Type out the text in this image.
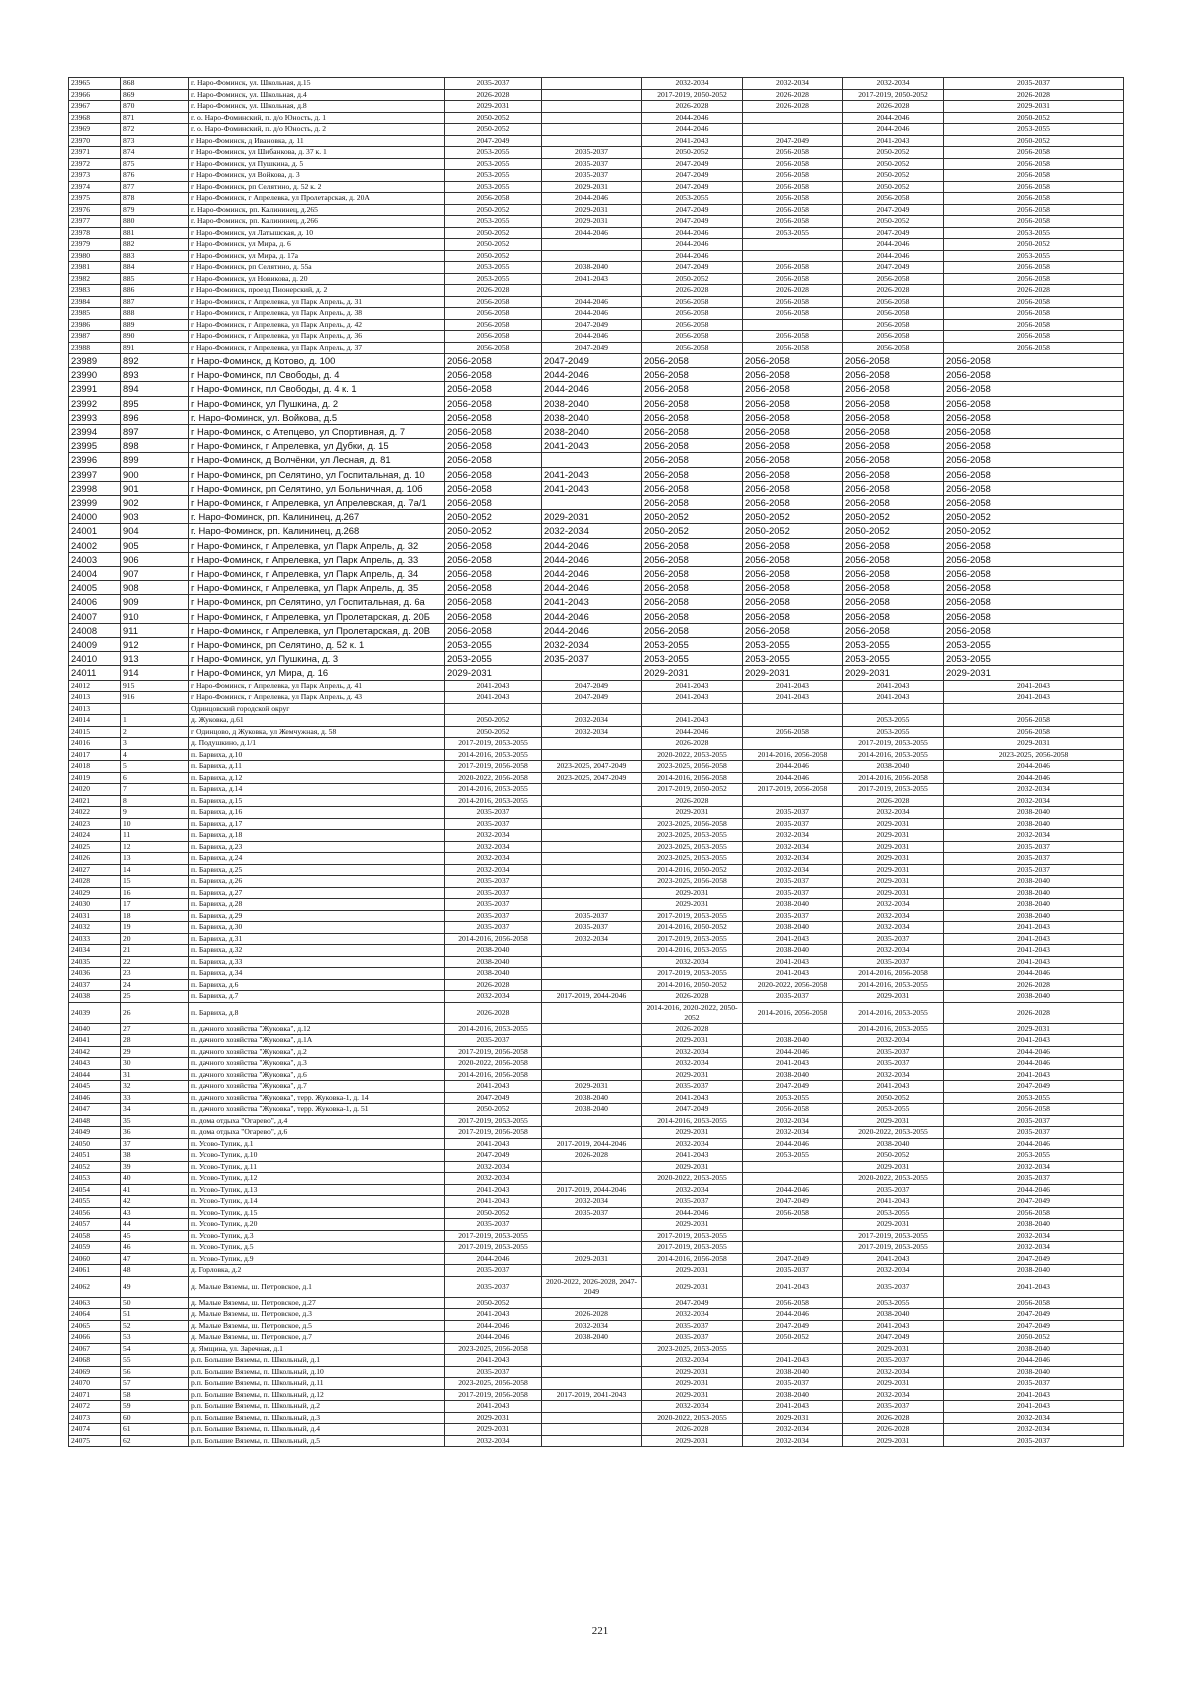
23965	868	г. Наро-Фоминск, ул. Школьная, д.15	2035-2037		2032-2034	2032-2034	2032-2034	2035-2037
23966	869	г. Наро-Фоминск, ул. Школьная, д.4	2026-2028		2017-2019, 2050-2052	2026-2028	2017-2019, 2050-2052	2026-2028
23967	870	г. Наро-Фоминск, ул. Школьная, д.8	2029-2031		2026-2028	2026-2028	2026-2028	2029-2031
23968	871	г. о. Наро-Фоминский, п. д/о Юность, д. 1	2050-2052		2044-2046		2044-2046	2050-2052
23969	872	г. о. Наро-Фоминский, п. д/о Юность, д. 2	2050-2052		2044-2046		2044-2046	2053-2055
23970	873	г Наро-Фоминск, д Ивановка, д. 11	2047-2049		2041-2043	2047-2049	2041-2043	2050-2052
23971	874	г Наро-Фоминск, ул Шибанкова, д. 37 к. 1	2053-2055	2035-2037	2050-2052	2056-2058	2050-2052	2056-2058
23972	875	г Наро-Фоминск, ул Пушкина, д. 5	2053-2055	2035-2037	2047-2049	2056-2058	2050-2052	2056-2058
23973	876	г Наро-Фоминск, ул Войкова, д. 3	2053-2055	2035-2037	2047-2049	2056-2058	2050-2052	2056-2058
23974	877	г Наро-Фоминск, рп Селятино, д. 52 к. 2	2053-2055	2029-2031	2047-2049	2056-2058	2050-2052	2056-2058
23975	878	г Наро-Фоминск, г Апрелевка, ул Пролетарская, д. 20А	2056-2058	2044-2046	2053-2055	2056-2058	2056-2058	2056-2058
23976	879	г. Наро-Фоминск, рп. Калининец, д.265	2050-2052	2029-2031	2047-2049	2056-2058	2047-2049	2056-2058
23977	880	г. Наро-Фоминск, рп. Калининец, д.266	2053-2055	2029-2031	2047-2049	2056-2058	2050-2052	2056-2058
23978	881	г Наро-Фоминск, ул Латышская, д. 10	2050-2052	2044-2046	2044-2046	2053-2055	2047-2049	2053-2055
23979	882	г Наро-Фоминск, ул Мира, д. 6	2050-2052		2044-2046		2044-2046	2050-2052
23980	883	г Наро-Фоминск, ул Мира, д. 17а	2050-2052		2044-2046		2044-2046	2053-2055
23981	884	г Наро-Фоминск, рп Селятино, д. 55а	2053-2055	2038-2040	2047-2049	2056-2058	2047-2049	2056-2058
23982	885	г Наро-Фоминск, ул Новикова, д. 20	2053-2055	2041-2043	2050-2052	2056-2058	2056-2058	2056-2058
23983	886	г Наро-Фоминск, проезд Пионерский, д. 2	2026-2028		2026-2028	2026-2028	2026-2028	2026-2028
23984	887	г Наро-Фоминск, г Апрелевка, ул Парк Апрель, д. 31	2056-2058	2044-2046	2056-2058	2056-2058	2056-2058	2056-2058
23985	888	г Наро-Фоминск, г Апрелевка, ул Парк Апрель, д. 38	2056-2058	2044-2046	2056-2058	2056-2058	2056-2058	2056-2058
23986	889	г Наро-Фоминск, г Апрелевка, ул Парк Апрель, д. 42	2056-2058	2047-2049	2056-2058		2056-2058	2056-2058
23987	890	г Наро-Фоминск, г Апрелевка, ул Парк Апрель, д. 36	2056-2058	2044-2046	2056-2058	2056-2058	2056-2058	2056-2058
23988	891	г Наро-Фоминск, г Апрелевка, ул Парк Апрель, д. 37	2056-2058	2047-2049	2056-2058	2056-2058	2056-2058	2056-2058
23989	892	г Наро-Фоминск, д Котово, д. 100	2056-2058	2047-2049	2056-2058	2056-2058	2056-2058	2056-2058
23990	893	г Наро-Фоминск, пл Свободы, д. 4	2056-2058	2044-2046	2056-2058	2056-2058	2056-2058	2056-2058
23991	894	г Наро-Фоминск, пл Свободы, д. 4 к. 1	2056-2058	2044-2046	2056-2058	2056-2058	2056-2058	2056-2058
23992	895	г Наро-Фоминск, ул Пушкина, д. 2	2056-2058	2038-2040	2056-2058	2056-2058	2056-2058	2056-2058
23993	896	г. Наро-Фоминск, ул. Войкова, д.5	2056-2058	2038-2040	2056-2058	2056-2058	2056-2058	2056-2058
23994	897	г Наро-Фоминск, с Атепцево, ул Спортивная, д. 7	2056-2058	2038-2040	2056-2058	2056-2058	2056-2058	2056-2058
23995	898	г Наро-Фоминск, г Апрелевка, ул Дубки, д. 15	2056-2058	2041-2043	2056-2058	2056-2058	2056-2058	2056-2058
23996	899	г Наро-Фоминск, д Волчёнки, ул Лесная, д. 81	2056-2058		2056-2058	2056-2058	2056-2058	2056-2058
23997	900	г Наро-Фоминск, рп Селятино, ул Госпитальная, д. 10	2056-2058	2041-2043	2056-2058	2056-2058	2056-2058	2056-2058
23998	901	г Наро-Фоминск, рп Селятино, ул Больничная, д. 10б	2056-2058	2041-2043	2056-2058	2056-2058	2056-2058	2056-2058
23999	902	г Наро-Фоминск, г Апрелевка, ул Апрелевская, д. 7а/1	2056-2058		2056-2058	2056-2058	2056-2058	2056-2058
24000	903	г. Наро-Фоминск, рп. Калининец, д.267	2050-2052	2029-2031	2050-2052	2050-2052	2050-2052	2050-2052
24001	904	г. Наро-Фоминск, рп. Калининец, д.268	2050-2052	2032-2034	2050-2052	2050-2052	2050-2052	2050-2052
24002	905	г Наро-Фоминск, г Апрелевка, ул Парк Апрель, д. 32	2056-2058	2044-2046	2056-2058	2056-2058	2056-2058	2056-2058
24003	906	г Наро-Фоминск, г Апрелевка, ул Парк Апрель, д. 33	2056-2058	2044-2046	2056-2058	2056-2058	2056-2058	2056-2058
24004	907	г Наро-Фоминск, г Апрелевка, ул Парк Апрель, д. 34	2056-2058	2044-2046	2056-2058	2056-2058	2056-2058	2056-2058
24005	908	г Наро-Фоминск, г Апрелевка, ул Парк Апрель, д. 35	2056-2058	2044-2046	2056-2058	2056-2058	2056-2058	2056-2058
24006	909	г Наро-Фоминск, рп Селятино, ул Госпитальная, д. 6а	2056-2058	2041-2043	2056-2058	2056-2058	2056-2058	2056-2058
24007	910	г Наро-Фоминск, г Апрелевка, ул Пролетарская, д. 20Б	2056-2058	2044-2046	2056-2058	2056-2058	2056-2058	2056-2058
24008	911	г Наро-Фоминск, г Апрелевка, ул Пролетарская, д. 20В	2056-2058	2044-2046	2056-2058	2056-2058	2056-2058	2056-2058
24009	912	г Наро-Фоминск, рп Селятино, д. 52 к. 1	2053-2055	2032-2034	2053-2055	2053-2055	2053-2055	2053-2055
24010	913	г Наро-Фоминск, ул Пушкина, д. 3	2053-2055	2035-2037	2053-2055	2053-2055	2053-2055	2053-2055
24011	914	г Наро-Фоминск, ул Мира, д. 16	2029-2031		2029-2031	2029-2031	2029-2031	2029-2031
24012	915	г Наро-Фоминск, г Апрелевка, ул Парк Апрель, д. 41	2041-2043	2047-2049	2041-2043	2041-2043	2041-2043	2041-2043
24013	916	г Наро-Фоминск, г Апрелевка, ул Парк Апрель, д. 43	2041-2043	2047-2049	2041-2043	2041-2043	2041-2043	2041-2043
24013		Одинцовский городской округ						
24014	1	д. Жуковка, д.61	2050-2052	2032-2034	2041-2043		2053-2055	2056-2058
24015	2	г Одинцово, д Жуковка, ул Жемчужная, д. 58	2050-2052	2032-2034	2044-2046	2056-2058	2053-2055	2056-2058
24016	3	д. Подушкино, д.1/1	2017-2019, 2053-2055		2026-2028		2017-2019, 2053-2055	2029-2031
24017	4	п. Барвиха, д.10	2014-2016, 2053-2055		2020-2022, 2053-2055	2014-2016, 2056-2058	2014-2016, 2053-2055	2023-2025, 2056-2058
24018	5	п. Барвиха, д.11	2017-2019, 2056-2058	2023-2025, 2047-2049	2023-2025, 2056-2058	2044-2046	2038-2040	2044-2046
24019	6	п. Барвиха, д.12	2020-2022, 2056-2058	2023-2025, 2047-2049	2014-2016, 2056-2058	2044-2046	2014-2016, 2056-2058	2044-2046
24020	7	п. Барвиха, д.14	2014-2016, 2053-2055		2017-2019, 2050-2052	2017-2019, 2056-2058	2017-2019, 2053-2055	2032-2034
24021	8	п. Барвиха, д.15	2014-2016, 2053-2055		2026-2028		2026-2028	2032-2034
24022	9	п. Барвиха, д.16	2035-2037		2029-2031	2035-2037	2032-2034	2038-2040
24023	10	п. Барвиха, д.17	2035-2037		2023-2025, 2056-2058	2035-2037	2029-2031	2038-2040
24024	11	п. Барвиха, д.18	2032-2034		2023-2025, 2053-2055	2032-2034	2029-2031	2032-2034
24025	12	п. Барвиха, д.23	2032-2034		2023-2025, 2053-2055	2032-2034	2029-2031	2035-2037
24026	13	п. Барвиха, д.24	2032-2034		2023-2025, 2053-2055	2032-2034	2029-2031	2035-2037
24027	14	п. Барвиха, д.25	2032-2034		2014-2016, 2050-2052	2032-2034	2029-2031	2035-2037
24028	15	п. Барвиха, д.26	2035-2037		2023-2025, 2056-2058	2035-2037	2029-2031	2038-2040
24029	16	п. Барвиха, д.27	2035-2037		2029-2031	2035-2037	2029-2031	2038-2040
24030	17	п. Барвиха, д.28	2035-2037		2029-2031	2038-2040	2032-2034	2038-2040
24031	18	п. Барвиха, д.29	2035-2037	2035-2037	2017-2019, 2053-2055	2035-2037	2032-2034	2038-2040
24032	19	п. Барвиха, д.30	2035-2037	2035-2037	2014-2016, 2050-2052	2038-2040	2032-2034	2041-2043
24033	20	п. Барвиха, д.31	2014-2016, 2056-2058	2032-2034	2017-2019, 2053-2055	2041-2043	2035-2037	2041-2043
24034	21	п. Барвиха, д.32	2038-2040		2014-2016, 2053-2055	2038-2040	2032-2034	2041-2043
24035	22	п. Барвиха, д.33	2038-2040		2032-2034	2041-2043	2035-2037	2041-2043
24036	23	п. Барвиха, д.34	2038-2040		2017-2019, 2053-2055	2041-2043	2014-2016, 2056-2058	2044-2046
24037	24	п. Барвиха, д.6	2026-2028		2014-2016, 2050-2052	2020-2022, 2056-2058	2014-2016, 2053-2055	2026-2028
24038	25	п. Барвиха, д.7	2032-2034	2017-2019, 2044-2046	2026-2028	2035-2037	2029-2031	2038-2040
24039	26	п. Барвиха, д.8	2026-2028		2014-2016, 2020-2022, 2050-2052	2014-2016, 2056-2058	2014-2016, 2053-2055	2026-2028
24040	27	п. дачного хозяйства "Жуковка", д.12	2014-2016, 2053-2055		2026-2028		2014-2016, 2053-2055	2029-2031
24041	28	п. дачного хозяйства "Жуковка", д.1А	2035-2037		2029-2031	2038-2040	2032-2034	2041-2043
24042	29	п. дачного хозяйства "Жуковка", д.2	2017-2019, 2056-2058		2032-2034	2044-2046	2035-2037	2044-2046
24043	30	п. дачного хозяйства "Жуковка", д.3	2020-2022, 2056-2058		2032-2034	2041-2043	2035-2037	2044-2046
24044	31	п. дачного хозяйства "Жуковка", д.6	2014-2016, 2056-2058		2029-2031	2038-2040	2032-2034	2041-2043
24045	32	п. дачного хозяйства "Жуковка", д.7	2041-2043	2029-2031	2035-2037	2047-2049	2041-2043	2047-2049
24046	33	п. дачного хозяйства "Жуковка", терр. Жуковка-1, д. 14	2047-2049	2038-2040	2041-2043	2053-2055	2050-2052	2053-2055
24047	34	п. дачного хозяйства "Жуковка", терр. Жуковка-1, д. 51	2050-2052	2038-2040	2047-2049	2056-2058	2053-2055	2056-2058
24048	35	п. дома отдыха "Огарево", д.4	2017-2019, 2053-2055		2014-2016, 2053-2055	2032-2034	2029-2031	2035-2037
24049	36	п. дома отдыха "Огарево", д.6	2017-2019, 2056-2058		2029-2031	2032-2034	2020-2022, 2053-2055	2035-2037
24050	37	п. Усово-Тупик, д.1	2041-2043	2017-2019, 2044-2046	2032-2034	2044-2046	2038-2040	2044-2046
24051	38	п. Усово-Тупик, д.10	2047-2049	2026-2028	2041-2043	2053-2055	2050-2052	2053-2055
24052	39	п. Усово-Тупик, д.11	2032-2034		2029-2031		2029-2031	2032-2034
24053	40	п. Усово-Тупик, д.12	2032-2034		2020-2022, 2053-2055		2020-2022, 2053-2055	2035-2037
24054	41	п. Усово-Тупик, д.13	2041-2043	2017-2019, 2044-2046	2032-2034	2044-2046	2035-2037	2044-2046
24055	42	п. Усово-Тупик, д.14	2041-2043	2032-2034	2035-2037	2047-2049	2041-2043	2047-2049
24056	43	п. Усово-Тупик, д.15	2050-2052	2035-2037	2044-2046	2056-2058	2053-2055	2056-2058
24057	44	п. Усово-Тупик, д.20	2035-2037		2029-2031		2029-2031	2038-2040
24058	45	п. Усово-Тупик, д.3	2017-2019, 2053-2055		2017-2019, 2053-2055		2017-2019, 2053-2055	2032-2034
24059	46	п. Усово-Тупик, д.5	2017-2019, 2053-2055		2017-2019, 2053-2055		2017-2019, 2053-2055	2032-2034
24060	47	п. Усово-Тупик, д.9	2044-2046	2029-2031	2014-2016, 2056-2058	2047-2049	2041-2043	2047-2049
24061	48	д. Горловка, д.2	2035-2037		2029-2031	2035-2037	2032-2034	2038-2040
24062	49	д. Малые Вяземы, ш. Петровское, д.1	2035-2037	2020-2022, 2026-2028, 2047-2049	2029-2031	2041-2043	2035-2037	2041-2043
24063	50	д. Малые Вяземы, ш. Петровское, д.27	2050-2052		2047-2049	2056-2058	2053-2055	2056-2058
24064	51	д. Малые Вяземы, ш. Петровское, д.3	2041-2043	2026-2028	2032-2034	2044-2046	2038-2040	2047-2049
24065	52	д. Малые Вяземы, ш. Петровское, д.5	2044-2046	2032-2034	2035-2037	2047-2049	2041-2043	2047-2049
24066	53	д. Малые Вяземы, ш. Петровское, д.7	2044-2046	2038-2040	2035-2037	2050-2052	2047-2049	2050-2052
24067	54	д. Ямщина, ул. Заречная, д.1	2023-2025, 2056-2058		2023-2025, 2053-2055		2029-2031	2038-2040
24068	55	р.п. Большие Вяземы, п. Школьный, д.1	2041-2043		2032-2034	2041-2043	2035-2037	2044-2046
24069	56	р.п. Большие Вяземы, п. Школьный, д.10	2035-2037		2029-2031	2038-2040	2032-2034	2038-2040
24070	57	р.п. Большие Вяземы, п. Школьный, д.11	2023-2025, 2056-2058		2029-2031	2035-2037	2029-2031	2035-2037
24071	58	р.п. Большие Вяземы, п. Школьный, д.12	2017-2019, 2056-2058	2017-2019, 2041-2043	2029-2031	2038-2040	2032-2034	2041-2043
24072	59	р.п. Большие Вяземы, п. Школьный, д.2	2041-2043		2032-2034	2041-2043	2035-2037	2041-2043
24073	60	р.п. Большие Вяземы, п. Школьный, д.3	2029-2031		2020-2022, 2053-2055	2029-2031	2026-2028	2032-2034
24074	61	р.п. Большие Вяземы, п. Школьный, д.4	2029-2031		2026-2028	2032-2034	2026-2028	2032-2034
24075	62	р.п. Большие Вяземы, п. Школьный, д.5	2032-2034		2029-2031	2032-2034	2029-2031	2035-2037
221
